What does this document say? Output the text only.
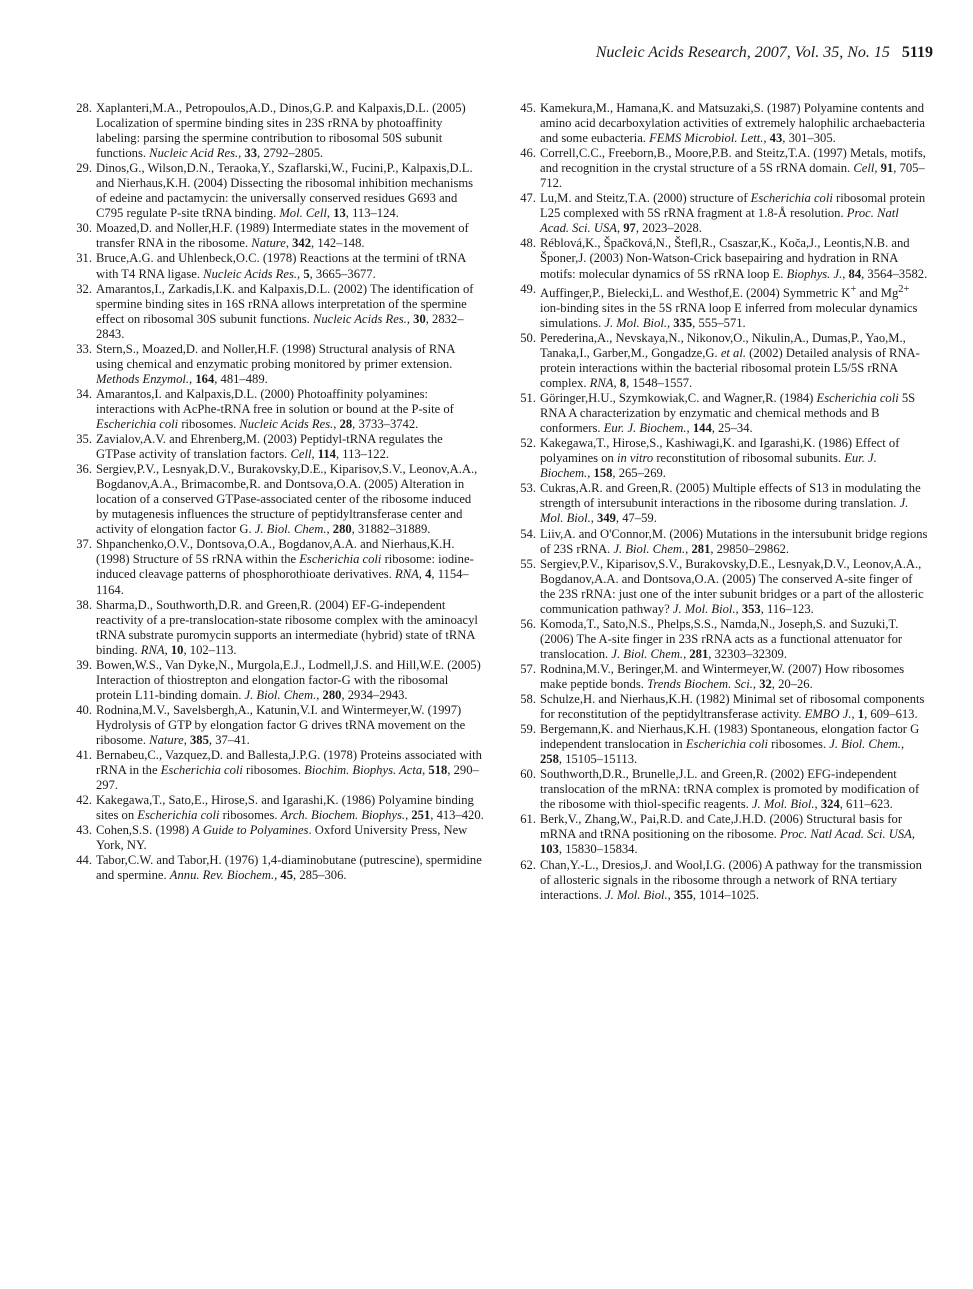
Nucleic Acids Research, 2007, Vol. 35, No. 15 5119

28. Xaplanteri,M.A., Petropoulos,A.D., Dinos,G.P. and Kalpaxis,D.L. (2005) Localization of spermine binding sites in 23S rRNA by photoaffinity labeling: parsing the spermine contribution to ribosomal 50S subunit functions. Nucleic Acid Res., 33, 2792–2805.

29. Dinos,G., Wilson,D.N., Teraoka,Y., Szaflarski,W., Fucini,P., Kalpaxis,D.L. and Nierhaus,K.H. (2004) Dissecting the ribosomal inhibition mechanisms of edeine and pactamycin: the universally conserved residues G693 and C795 regulate P-site tRNA binding. Mol. Cell, 13, 113–124.

30. Moazed,D. and Noller,H.F. (1989) Intermediate states in the movement of transfer RNA in the ribosome. Nature, 342, 142–148.

31. Bruce,A.G. and Uhlenbeck,O.C. (1978) Reactions at the termini of tRNA with T4 RNA ligase. Nucleic Acids Res., 5, 3665–3677.

32. Amarantos,I., Zarkadis,I.K. and Kalpaxis,D.L. (2002) The identification of spermine binding sites in 16S rRNA allows interpretation of the spermine effect on ribosomal 30S subunit functions. Nucleic Acids Res., 30, 2832–2843.

33. Stern,S., Moazed,D. and Noller,H.F. (1998) Structural analysis of RNA using chemical and enzymatic probing monitored by primer extension. Methods Enzymol., 164, 481–489.

34. Amarantos,I. and Kalpaxis,D.L. (2000) Photoaffinity polyamines: interactions with AcPhe-tRNA free in solution or bound at the P-site of Escherichia coli ribosomes. Nucleic Acids Res., 28, 3733–3742.

35. Zavialov,A.V. and Ehrenberg,M. (2003) Peptidyl-tRNA regulates the GTPase activity of translation factors. Cell, 114, 113–122.

36. Sergiev,P.V., Lesnyak,D.V., Burakovsky,D.E., Kiparisov,S.V., Leonov,A.A., Bogdanov,A.A., Brimacombe,R. and Dontsova,O.A. (2005) Alteration in location of a conserved GTPase-associated center of the ribosome induced by mutagenesis influences the structure of peptidyltransferase center and activity of elongation factor G. J. Biol. Chem., 280, 31882–31889.

37. Shpanchenko,O.V., Dontsova,O.A., Bogdanov,A.A. and Nierhaus,K.H. (1998) Structure of 5S rRNA within the Escherichia coli ribosome: iodine-induced cleavage patterns of phosphorothioate derivatives. RNA, 4, 1154–1164.

38. Sharma,D., Southworth,D.R. and Green,R. (2004) EF-G-independent reactivity of a pre-translocation-state ribosome complex with the aminoacyl tRNA substrate puromycin supports an intermediate (hybrid) state of tRNA binding. RNA, 10, 102–113.

39. Bowen,W.S., Van Dyke,N., Murgola,E.J., Lodmell,J.S. and Hill,W.E. (2005) Interaction of thiostrepton and elongation factor-G with the ribosomal protein L11-binding domain. J. Biol. Chem., 280, 2934–2943.

40. Rodnina,M.V., Savelsbergh,A., Katunin,V.I. and Wintermeyer,W. (1997) Hydrolysis of GTP by elongation factor G drives tRNA movement on the ribosome. Nature, 385, 37–41.

41. Bernabeu,C., Vazquez,D. and Ballesta,J.P.G. (1978) Proteins associated with rRNA in the Escherichia coli ribosomes. Biochim. Biophys. Acta, 518, 290–297.

42. Kakegawa,T., Sato,E., Hirose,S. and Igarashi,K. (1986) Polyamine binding sites on Escherichia coli ribosomes. Arch. Biochem. Biophys., 251, 413–420.

43. Cohen,S.S. (1998) A Guide to Polyamines. Oxford University Press, New York, NY.

44. Tabor,C.W. and Tabor,H. (1976) 1,4-diaminobutane (putrescine), spermidine and spermine. Annu. Rev. Biochem., 45, 285–306.

45. Kamekura,M., Hamana,K. and Matsuzaki,S. (1987) Polyamine contents and amino acid decarboxylation activities of extremely halophilic archaebacteria and some eubacteria. FEMS Microbiol. Lett., 43, 301–305.

46. Correll,C.C., Freeborn,B., Moore,P.B. and Steitz,T.A. (1997) Metals, motifs, and recognition in the crystal structure of a 5S rRNA domain. Cell, 91, 705–712.

47. Lu,M. and Steitz,T.A. (2000) structure of Escherichia coli ribosomal protein L25 complexed with 5S rRNA fragment at 1.8-Å resolution. Proc. Natl Acad. Sci. USA, 97, 2023–2028.

48. Réblová,K., Špačková,N., Štefl,R., Csaszar,K., Koča,J., Leontis,N.B. and Šponer,J. (2003) Non-Watson-Crick basepairing and hydration in RNA motifs: molecular dynamics of 5S rRNA loop E. Biophys. J., 84, 3564–3582.

49. Auffinger,P., Bielecki,L. and Westhof,E. (2004) Symmetric K+ and $Mg^{2+}$ ion-binding sites in the 5S rRNA loop E inferred from molecular dynamics simulations. J. Mol. Biol., 335, 555–571.

50. Perederina,A., Nevskaya,N., Nikonov,O., Nikulin,A., Dumas,P., Yao,M., Tanaka,I., Garber,M., Gongadze,G. et al. (2002) Detailed analysis of RNA-protein interactions within the bacterial ribosomal protein L5/5S rRNA complex. RNA, 8, 1548–1557.

51. Göringer,H.U., Szymkowiak,C. and Wagner,R. (1984) Escherichia coli 5S RNA A characterization by enzymatic and chemical methods and B conformers. Eur. J. Biochem., 144, 25–34.

52. Kakegawa,T., Hirose,S., Kashiwagi,K. and Igarashi,K. (1986) Effect of polyamines on in vitro reconstitution of ribosomal subunits. Eur. J. Biochem., 158, 265–269.

53. Cukras,A.R. and Green,R. (2005) Multiple effects of S13 in modulating the strength of intersubunit interactions in the ribosome during translation. J. Mol. Biol., 349, 47–59.

54. Liiv,A. and O'Connor,M. (2006) Mutations in the intersubunit bridge regions of 23S rRNA. J. Biol. Chem., 281, 29850–29862.

55. Sergiev,P.V., Kiparisov,S.V., Burakovsky,D.E., Lesnyak,D.V., Leonov,A.A., Bogdanov,A.A. and Dontsova,O.A. (2005) The conserved A-site finger of the 23S rRNA: just one of the inter subunit bridges or a part of the allosteric communication pathway? J. Mol. Biol., 353, 116–123.

56. Komoda,T., Sato,N.S., Phelps,S.S., Namda,N., Joseph,S. and Suzuki,T. (2006) The A-site finger in 23S rRNA acts as a functional attenuator for translocation. J. Biol. Chem., 281, 32303–32309.

57. Rodnina,M.V., Beringer,M. and Wintermeyer,W. (2007) How ribosomes make peptide bonds. Trends Biochem. Sci., 32, 20–26.

58. Schulze,H. and Nierhaus,K.H. (1982) Minimal set of ribosomal components for reconstitution of the peptidyltransferase activity. EMBO J., 1, 609–613.

59. Bergemann,K. and Nierhaus,K.H. (1983) Spontaneous, elongation factor G independent translocation in Escherichia coli ribosomes. J. Biol. Chem., 258, 15105–15113.

60. Southworth,D.R., Brunelle,J.L. and Green,R. (2002) EFG-independent translocation of the mRNA: tRNA complex is promoted by modification of the ribosome with thiol-specific reagents. J. Mol. Biol., 324, 611–623.

61. Berk,V., Zhang,W., Pai,R.D. and Cate,J.H.D. (2006) Structural basis for mRNA and tRNA positioning on the ribosome. Proc. Natl Acad. Sci. USA, 103, 15830–15834.

62. Chan,Y.-L., Dresios,J. and Wool,I.G. (2006) A pathway for the transmission of allosteric signals in the ribosome through a network of RNA tertiary interactions. J. Mol. Biol., 355, 1014–1025.
